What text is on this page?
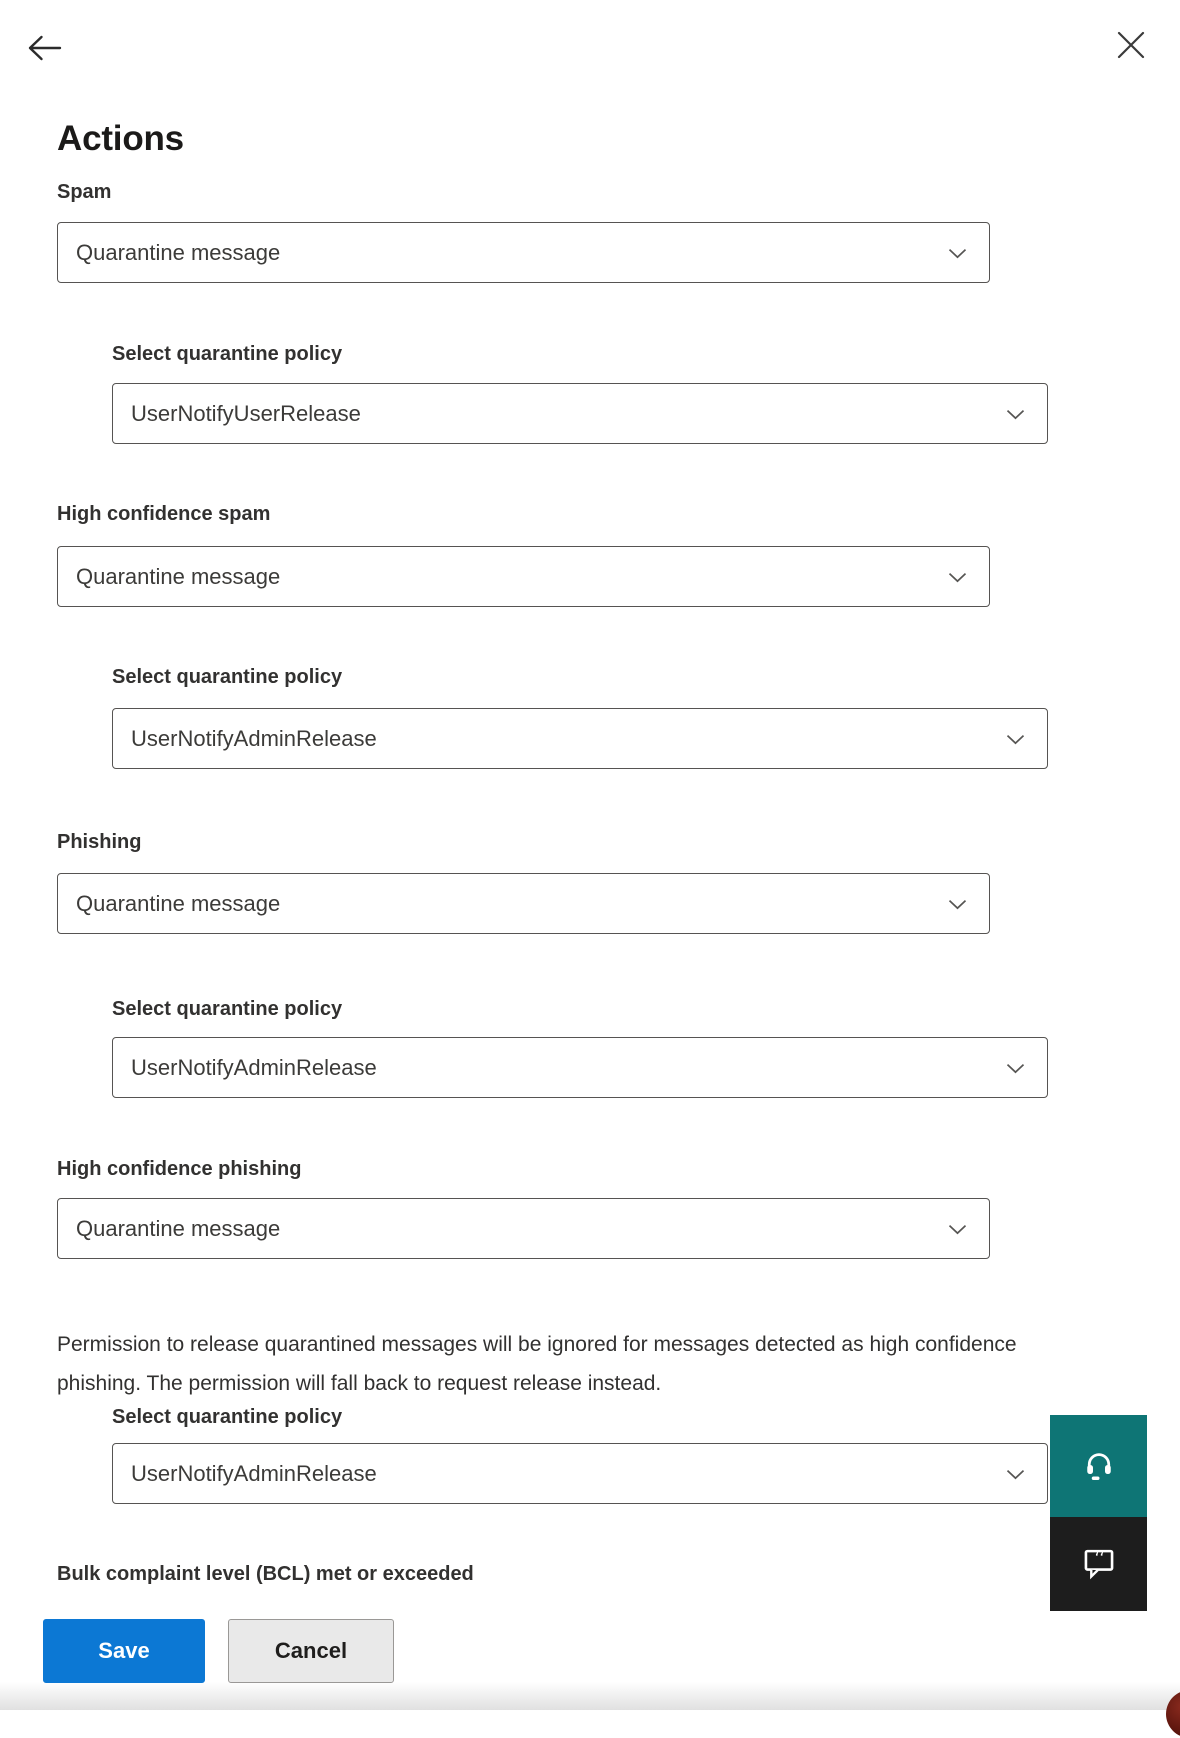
Actions
Spam
Quarantine message
Select quarantine policy
UserNotifyUserRelease
High confidence spam
Quarantine message
Select quarantine policy
UserNotifyAdminRelease
Phishing
Quarantine message
Select quarantine policy
UserNotifyAdminRelease
High confidence phishing
Quarantine message

Permission to release quarantined messages will be ignored for messages detected as high confidence phishing. The permission will fall back to request release instead.

Select quarantine policy
UserNotifyAdminRelease
Bulk complaint level (BCL) met or exceeded
Save	Cancel
,,
